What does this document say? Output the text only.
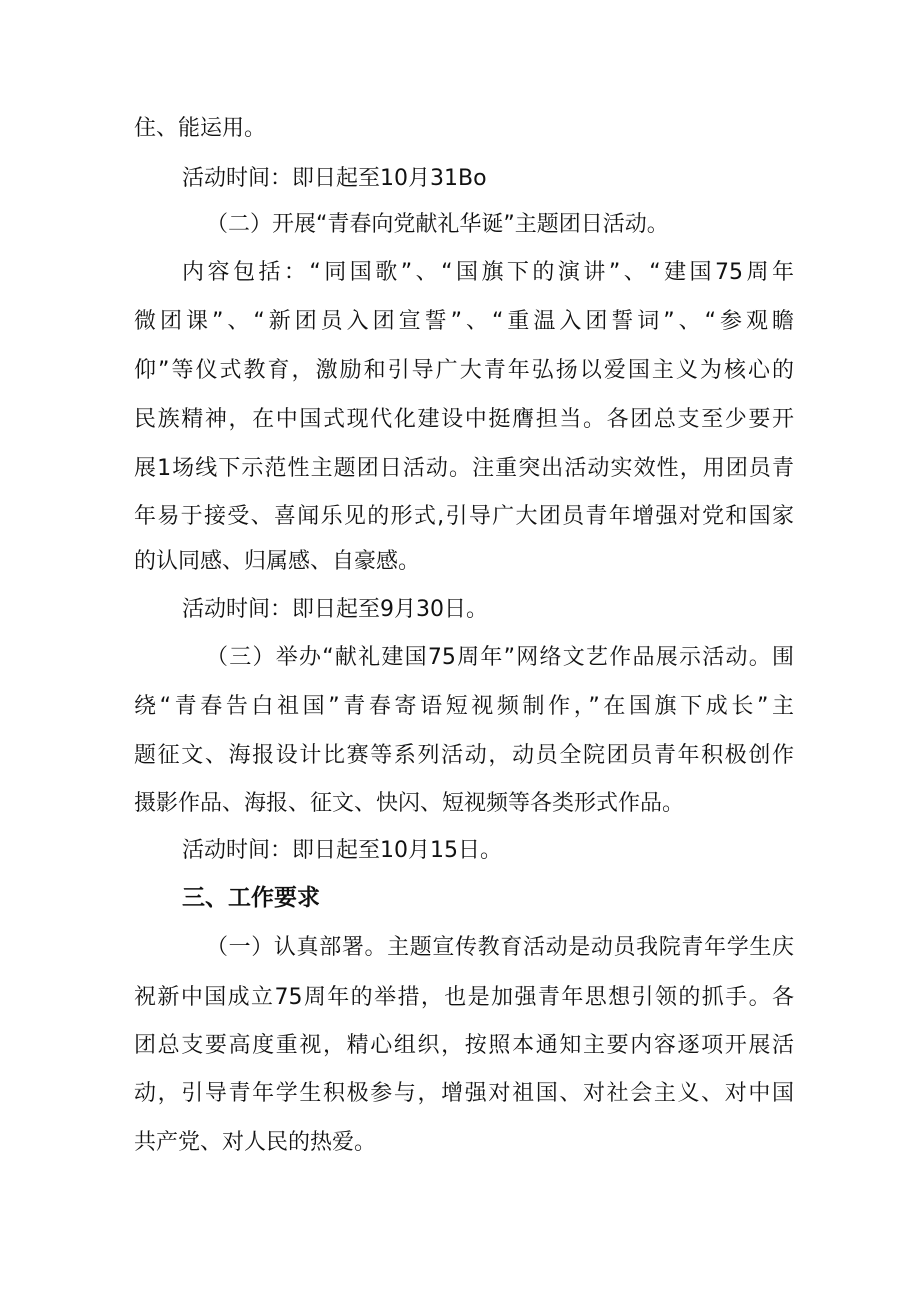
住、能运用。
活动时间：即日起至10月31Bo
（二）开展“青春向党献礼华诞”主题团日活动。
内容包括：“同国歌”、“国旗下的演讲”、“建国75周年
微团课”、“新团员入团宣誓”、“重温入团誓词”、“参观瞻
仰”等仪式教育，激励和引导广大青年弘扬以爱国主义为核心的
民族精神，在中国式现代化建设中挺膺担当。各团总支至少要开
展1场线下示范性主题团日活动。注重突出活动实效性，用团员青
年易于接受、喜闻乐见的形式,引导广大团员青年增强对党和国家
的认同感、归属感、自豪感。
活动时间：即日起至9月30日。
（三）举办“献礼建国75周年”网络文艺作品展示活动。围
绕“青春告白祖国”青春寄语短视频制作，”在国旗下成长”主
题征文、海报设计比赛等系列活动，动员全院团员青年积极创作
摄影作品、海报、征文、快闪、短视频等各类形式作品。
活动时间：即日起至10月15日。
三、工作要求
（一）认真部署。主题宣传教育活动是动员我院青年学生庆
祝新中国成立75周年的举措，也是加强青年思想引领的抓手。各
团总支要高度重视，精心组织，按照本通知主要内容逐项开展活
动，引导青年学生积极参与，增强对祖国、对社会主义、对中国
共产党、对人民的热爱。
